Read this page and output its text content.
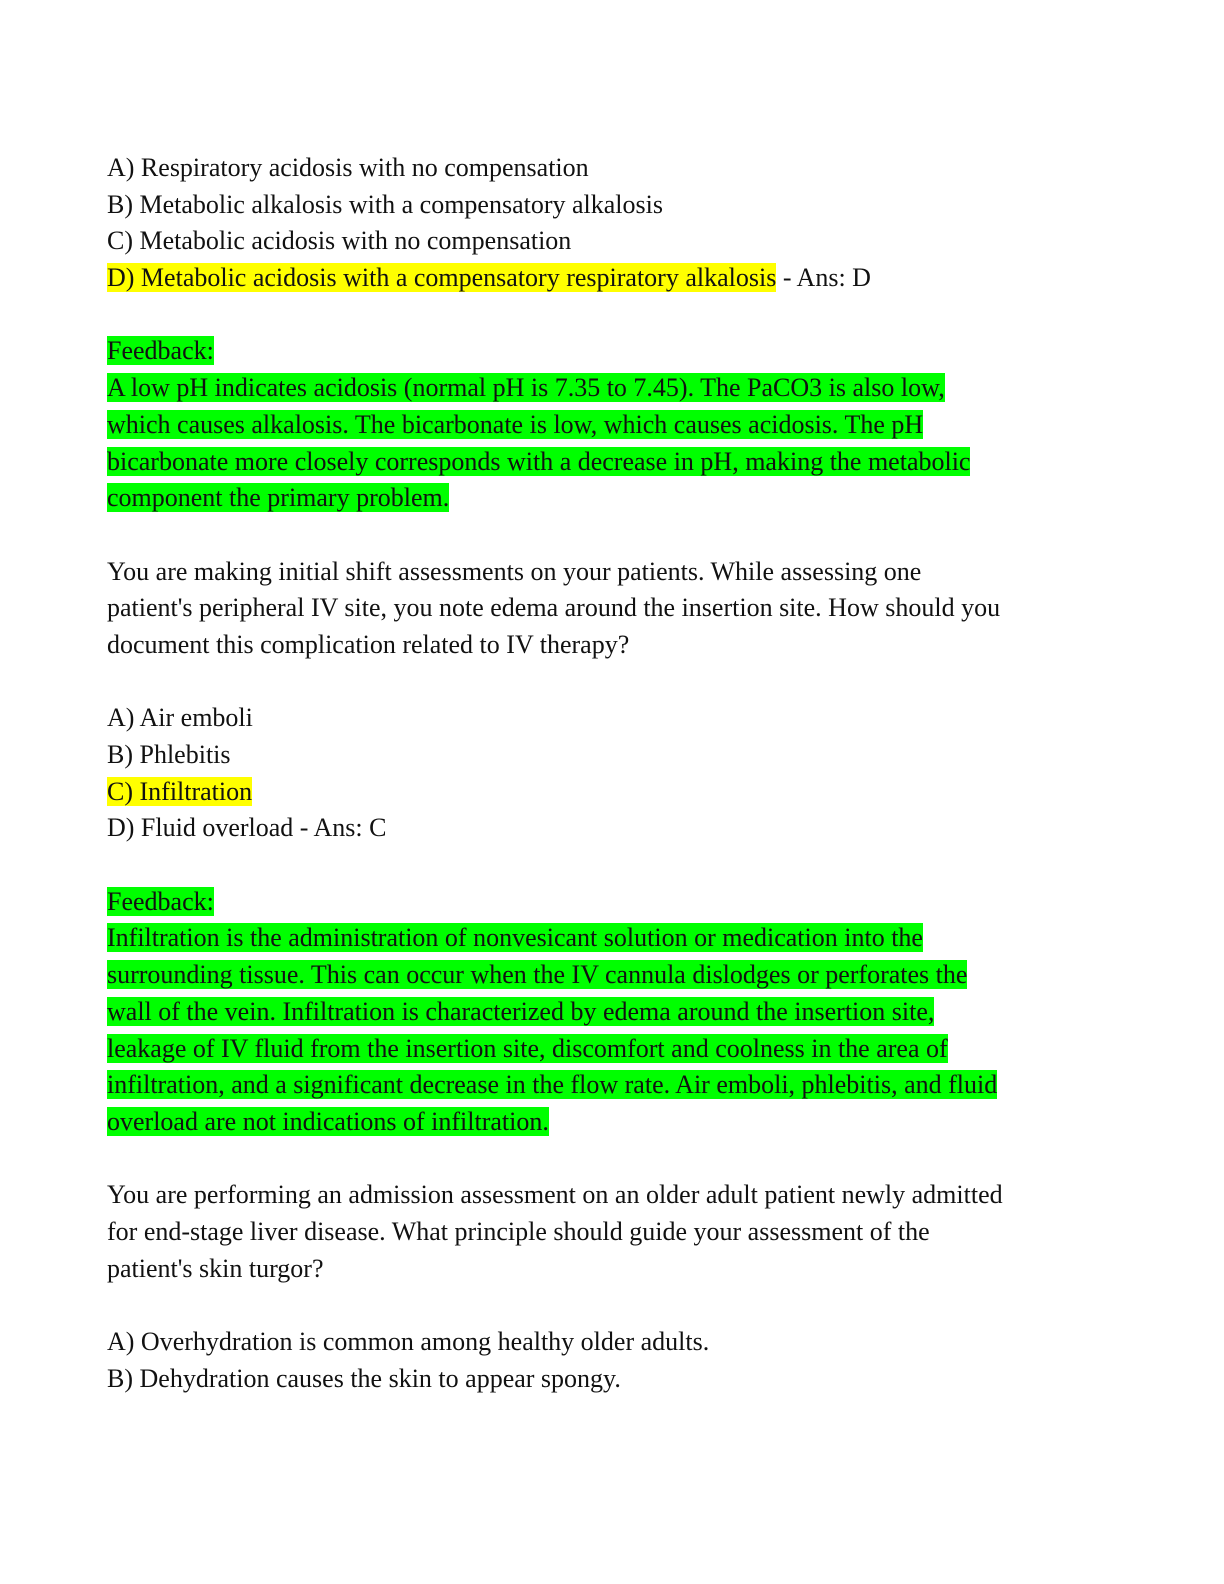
A) Respiratory acidosis with no compensation
B) Metabolic alkalosis with a compensatory alkalosis
C) Metabolic acidosis with no compensation
D) Metabolic acidosis with a compensatory respiratory alkalosis - Ans: D
Feedback:
A low pH indicates acidosis (normal pH is 7.35 to 7.45). The PaCO3 is also low,
which causes alkalosis. The bicarbonate is low, which causes acidosis. The pH
bicarbonate more closely corresponds with a decrease in pH, making the metabolic
component the primary problem.
You are making initial shift assessments on your patients. While assessing one
patient's peripheral IV site, you note edema around the insertion site. How should you
document this complication related to IV therapy?
A) Air emboli
B) Phlebitis
C) Infiltration
D) Fluid overload - Ans: C
Feedback:
Infiltration is the administration of nonvesicant solution or medication into the
surrounding tissue. This can occur when the IV cannula dislodges or perforates the
wall of the vein. Infiltration is characterized by edema around the insertion site,
leakage of IV fluid from the insertion site, discomfort and coolness in the area of
infiltration, and a significant decrease in the flow rate. Air emboli, phlebitis, and fluid
overload are not indications of infiltration.
You are performing an admission assessment on an older adult patient newly admitted
for end-stage liver disease. What principle should guide your assessment of the
patient's skin turgor?
A) Overhydration is common among healthy older adults.
B) Dehydration causes the skin to appear spongy.
